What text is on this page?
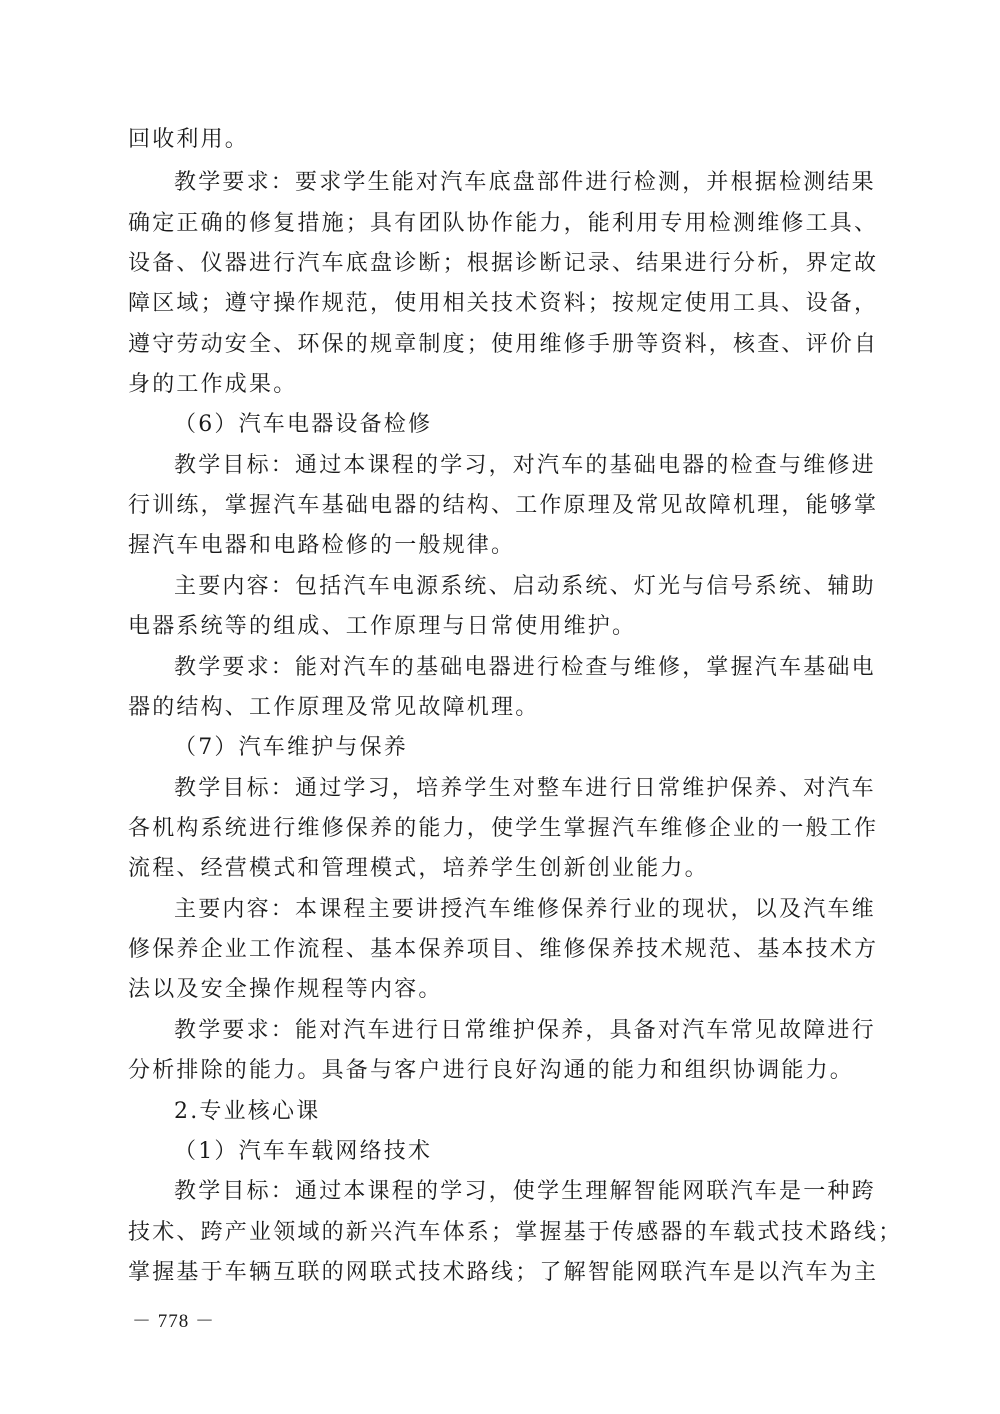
回收利用。
教学要求：要求学生能对汽车底盘部件进行检测，并根据检测结果
确定正确的修复措施；具有团队协作能力，能利用专用检测维修工具、
设备、仪器进行汽车底盘诊断；根据诊断记录、结果进行分析，界定故
障区域；遵守操作规范，使用相关技术资料；按规定使用工具、设备，
遵守劳动安全、环保的规章制度；使用维修手册等资料，核查、评价自
身的工作成果。
（6）汽车电器设备检修
教学目标：通过本课程的学习，对汽车的基础电器的检查与维修进
行训练，掌握汽车基础电器的结构、工作原理及常见故障机理，能够掌
握汽车电器和电路检修的一般规律。
主要内容：包括汽车电源系统、启动系统、灯光与信号系统、辅助
电器系统等的组成、工作原理与日常使用维护。
教学要求：能对汽车的基础电器进行检查与维修，掌握汽车基础电
器的结构、工作原理及常见故障机理。
（7）汽车维护与保养
教学目标：通过学习，培养学生对整车进行日常维护保养、对汽车
各机构系统进行维修保养的能力，使学生掌握汽车维修企业的一般工作
流程、经营模式和管理模式，培养学生创新创业能力。
主要内容：本课程主要讲授汽车维修保养行业的现状，以及汽车维
修保养企业工作流程、基本保养项目、维修保养技术规范、基本技术方
法以及安全操作规程等内容。
教学要求：能对汽车进行日常维护保养，具备对汽车常见故障进行
分析排除的能力。具备与客户进行良好沟通的能力和组织协调能力。
2.专业核心课
（1）汽车车载网络技术
教学目标：通过本课程的学习，使学生理解智能网联汽车是一种跨
技术、跨产业领域的新兴汽车体系；掌握基于传感器的车载式技术路线；
掌握基于车辆互联的网联式技术路线；了解智能网联汽车是以汽车为主
－ 778 －
